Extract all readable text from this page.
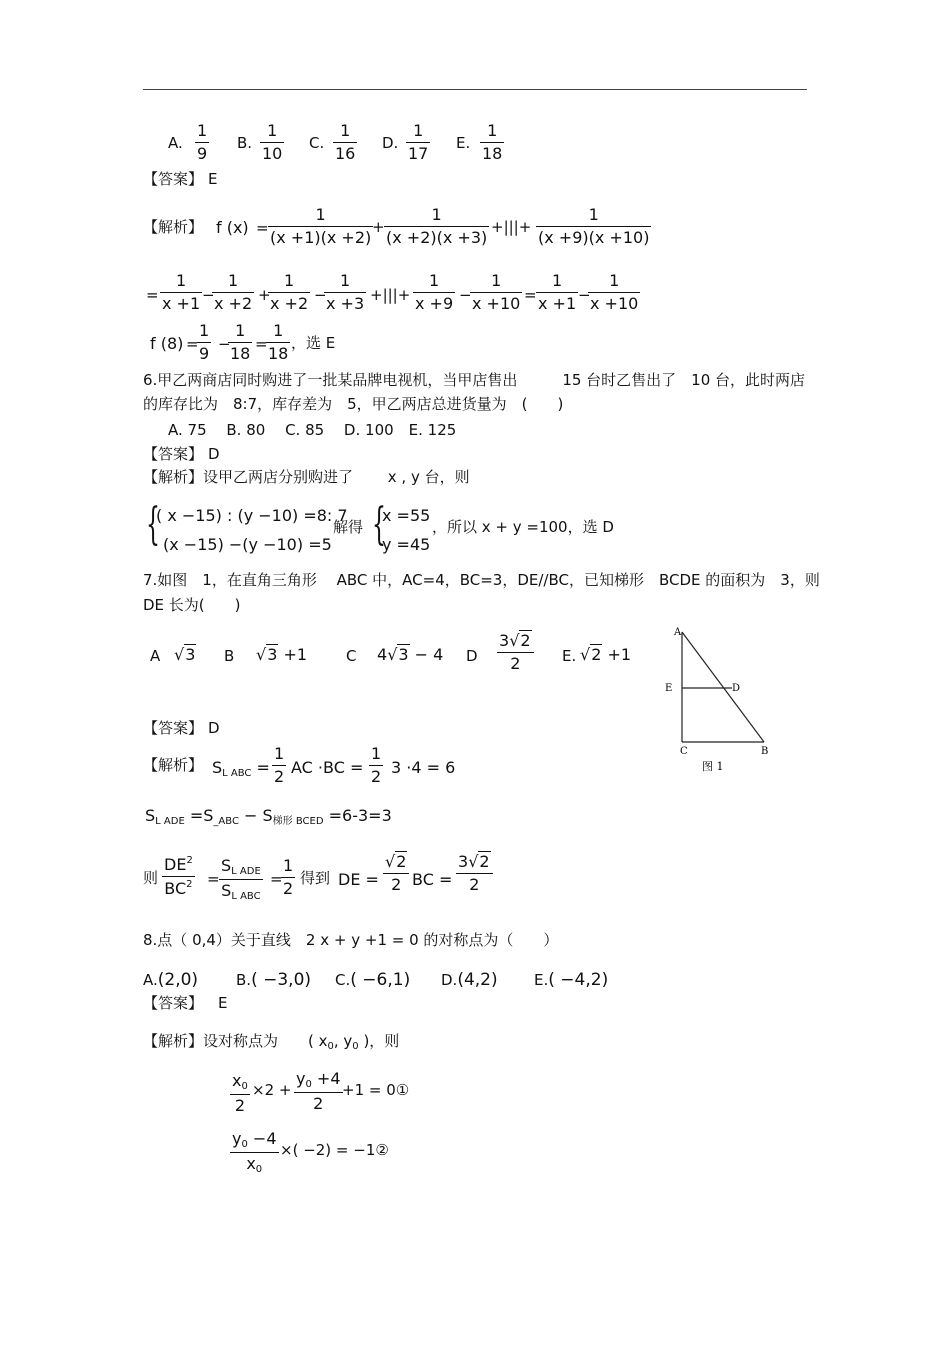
A.
1
9
B.
1
10
C.
1
16
D.
1
17
E.
1
18
【答案】 E
【解析】 f (x) =
1
(x +1)(x +2)
+
1
(x +2)(x +3)
+|||+
1
(x +9)(x +10)
=
1
x +1 −
1
x +2 +
1
x +2 −
1
x +3 +|||+
1
x +9 −
1
x +10 =
1
x +1 −
1
x +10
f (8) =
1
9 −
1
18 =
1
18
，选 E
6.甲乙两商店同时购进了一批某品牌电视机，当甲店售出　　　15 台时乙售出了　10 台，此时两店
的库存比为　8:7，库存差为　5，甲乙两店总进货量为　(　　)
A. 75　 B. 80　 C. 85　 D. 100　E. 125
【答案】 D
【解析】设甲乙两店分别购进了　　 x , y 台，则
{
( x −15) : (y −10) =8: 7
(x −15) −(y −10) =5
解得 {
x =55
y =45
，所以 x + y =100，选 D
7.如图　1，在直角三角形　 ABC 中，AC=4，BC=3，DE//BC，已知梯形　BCDE 的面积为　3，则
DE 长为(　　)
A √3 B √3 +1	C 4√3 − 4 D
3√2
2	E. √2 +1
A
E	D
C	B
图 1
【答案】 D
【解析】 $S_{L ABC}$ =
1
2 AC ·BC =
1
2 3 ·4 = 6
$S_{L ADE} =S_{\_ABC} - S_{梯形 BCED} =6-3=3$
则
$DE^2$
$BC^2$ =
$S_{L ADE}$
$S_{L ABC}$
=
1
2
得到 DE =
√2
2 BC =
3√2
2
8.点（ 0,4）关于直线　2 x + y +1 = 0 的对称点为（　　）
A.(2,0)	B.( −3,0) C.( −6,1) D.(4,2) E.( −4,2)
【答案】 E
【解析】设对称点为　　( $x_0$, $y_0$ )，则
$x_0$
2
×2 +
$y_0 +4$
2
+1 = 0①
$y_0 -4$
$x_0$
×( −2) = −1②
